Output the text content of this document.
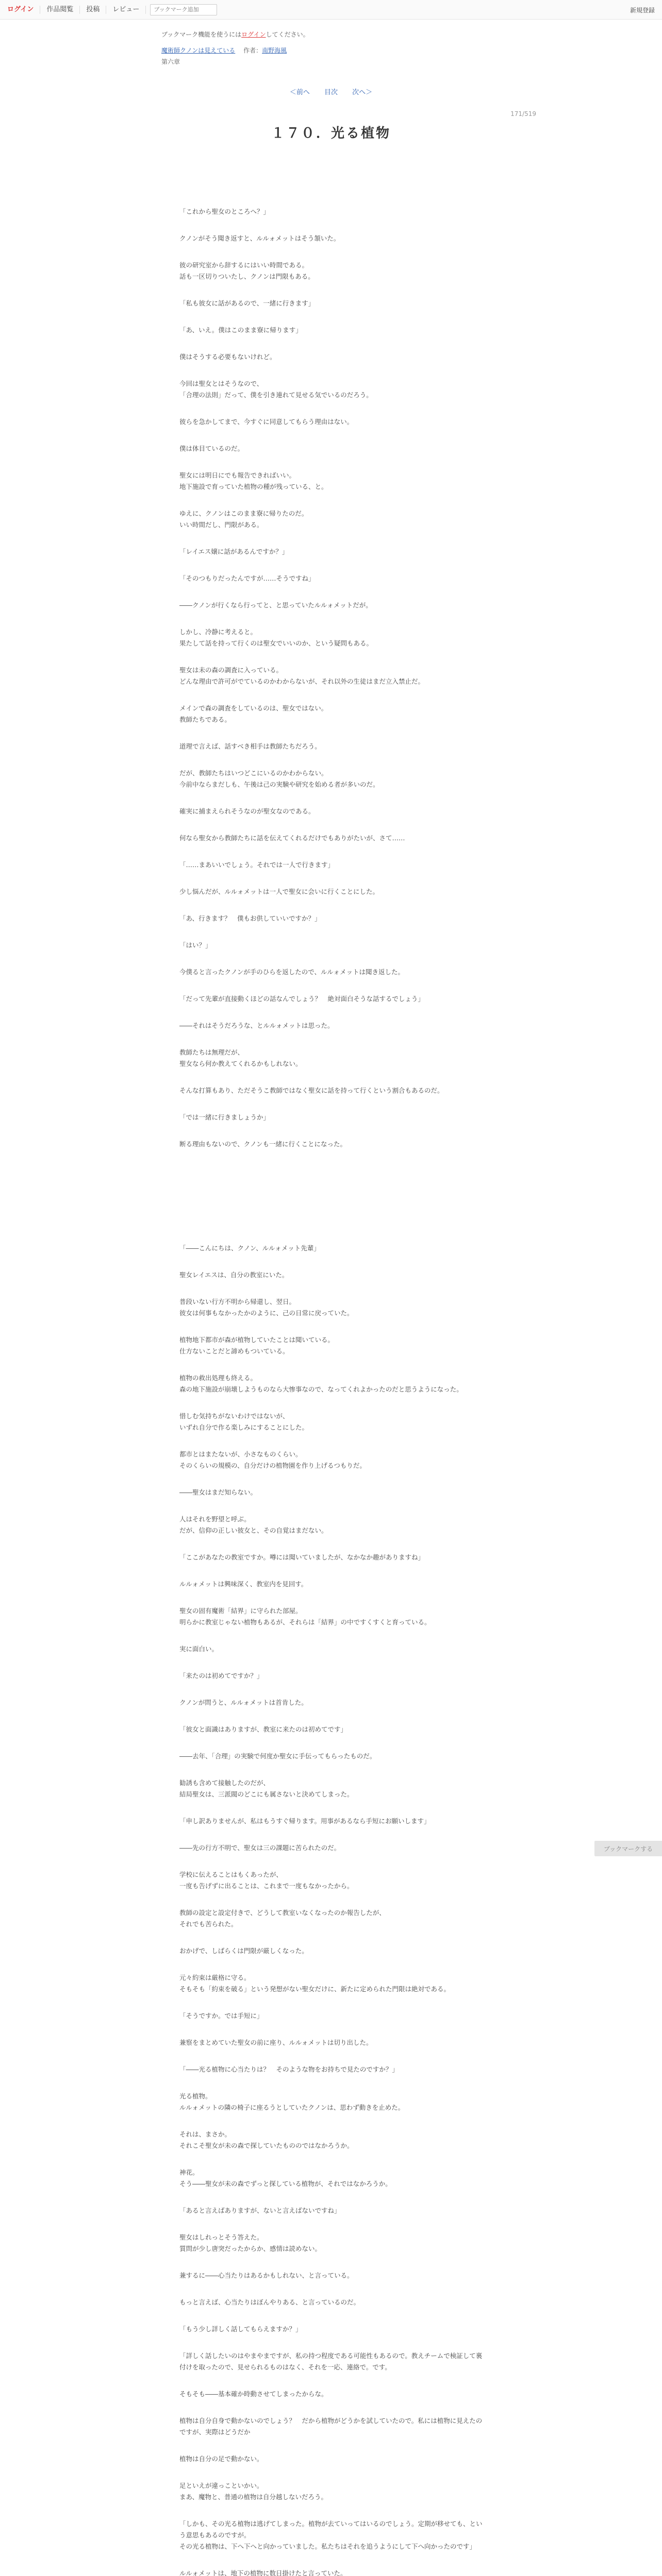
ログイン	作品閲覧	投稿	レビュー
ブックマーク追加	新規登録
ブックマーク機能を使うにはログインしてください。
魔術師クノンは見えている 作者：南野海風
第六章
＜前へ 目次 次へ＞
171/519
１７０．光る植物
「これから聖女のところへ？」
クノンがそう聞き返すと、ルルォメットはそう頷いた。
彼の研究室から辞するにはいい時間である。
話も一区切りついたし、クノンは門限もある。
「私も彼女に話があるので、一緒に行きます」
「あ、いえ。僕はこのまま寮に帰ります」
僕はそうする必要もないけれど。
今回は聖女とはそうなので、
「合理の法則」だって、僕を引き連れて見せる気でいるのだろう。
彼らを急かしてまで、今すぐに同意してもらう理由はない。
僕は体目ているのだ。
聖女には明日にでも報告できればいい。
地下施設で育っていた植物の種が残っている、と。
ゆえに、クノンはこのまま寮に帰りたのだ。
いい時間だし、門限がある。
「レイエス嬢に話があるんですか？」
「そのつもりだったんですが……そうですね」
――クノンが行くなら行ってと、と思っていたルルォメットだが。
しかし、冷静に考えると。
果たして話を持って行くのは聖女でいいのか、という疑問もある。
聖女は未の森の調査に入っている。
どんな理由で許可がでているのかわからないが、それ以外の生徒はまだ立入禁止だ。
メインで森の調査をしているのは、聖女ではない。
教師たちである。
道理で言えば、話すべき相手は教師たちだろう。
だが、教師たちはいつどこにいるのかわからない。
今前中ならまだしも、午後は己の実験や研究を始める者が多いのだ。
確実に捕まえられそうなのが聖女なのである。
何なら聖女から教師たちに話を伝えてくれるだけでもありがたいが、さて……
「……まあいいでしょう。それでは一人で行きます」
少し悩んだが、ルルォメットは一人で聖女に会いに行くことにした。
「あ、行きます？　僕もお供していいですか？」
「はい？」
今僕ると言ったクノンが手のひらを返したので、ルルォメットは聞き返した。
「だって先輩が直接動くほどの話なんでしょう？　絶対面白そうな話するでしょう」
――それはそうだろうな、とルルォメットは思った。
教師たちは無理だが、
聖女なら何か教えてくれるかもしれない。
そんな打算もあり、ただそうこ教師ではなく聖女に話を持って行くという割合もあるのだ。
「では一緒に行きましょうか」
断る理由もないので、クノンも一緒に行くことになった。
「――こんにちは、クノン、ルルォメット先輩」
聖女レイエスは、自分の教室にいた。
普段いない行方不明から帰還し、翌日。
彼女は何事もなかったかのように、己の日常に戻っていた。
植物地下都市が森が植物していたことは聞いている。
仕方ないことだと諦めもついている。
植物の救出処理も終える。
森の地下施設が崩壊しようものなら大惨事なので、なってくれよかったのだと思うようになった。
惜しむ気持ちがないわけではないが、
いずれ自分で作る楽しみにすることにした。
都市とはまたないが、小さなものくらい。
そのくらいの規模の、自分だけの植物園を作り上げるつもりだ。
――聖女はまだ知らない。
人はそれを野望と呼ぶ。
だが、信仰の正しい彼女と、その自覚はまだない。
「ここがあなたの教室ですか。噂には聞いていましたが、なかなか趣がありますね」
ルルォメットは興味深く、教室内を見回す。
聖女の固有魔術「結界」に守られた部屋。
明らかに教室じゃない植物もあるが、それらは「結界」の中ですくすくと育っている。
実に面白い。
「来たのは初めてですか？」
クノンが問うと、ルルォメットは首肯した。
「彼女と面識はありますが、教室に来たのは初めてです」
――去年、「合理」の実験で何度か聖女に手伝ってもらったものだ。
勧誘も含めて接触したのだが、
結局聖女は、三派閥のどこにも属さないと決めてしまった。
「申し訳ありませんが、私はもうすぐ帰ります。用事があるなら手短にお願いします」
――先の行方不明で、聖女は三の課題に苦られたのだ。
学校に伝えることはもくあったが、
一度も告げずに出ることは、これまで一度もなかったから。
教師の設定と設定付きで、どうして教室いなくなったのか報告したが、
それでも苦られた。
おかげで、しばらくは門限が厳しくなった。
元々約束は厳格に守る。
そもそも「約束を破る」という発想がない聖女だけに、新たに定められた門限は絶対である。
「そうですか。では手短に」
兼察をまとめていた聖女の前に座り、ルルォメットは切り出した。
「――光る植物に心当たりは？　そのような物をお持ちで見たのですか？」
光る植物。
ルルォメットの隣の椅子に座るうとしていたクノンは、思わず動きを止めた。
それは、まさか。
それこそ聖女が未の森で探していたもののではなかろうか。
神花。
そう――聖女が未の森でずっと探している植物が、それではなかろうか。
「あると言えばありますが、ないと言えばないですね」
聖女はしれっとそう答えた。
質問が少し唐突だったからか、感情は読めない。
兼するに――心当たりはあるかもしれない、と言っている。
もっと言えば、心当たりはぼんやりある、と言っているのだ。
「もう少し詳しく話してもらえますか？」
「詳しく話したいのはやまやまですが、私の持つ程度である可能性もあるので。教えチームで検証して裏付けを取ったので、見せられるものはなく、それを一応、連絡で。です。
そもそも――基本確か時動させてしまったからな。
植物は自分自身で動かないのでしょう？　だから植物がどうかを試していたので。私には植物に見えたのですが、実際はどうだか
植物は自分の足で動かない。
足といえが違っこといかい。
まあ、魔物と、普通の植物は自分越しないだろう。
「しかも、その光る植物は逃げてしまった。植物が去ていってはいるのでしょう。定期が移せても、という意思もあるのですが。
その光る植物は、下へ下へと向かっていました。私たちはそれを追うようにして下へ向かったのです」
ルルォメットは、地下の植物に数日掛けたと言っていた。
ブックマークする
